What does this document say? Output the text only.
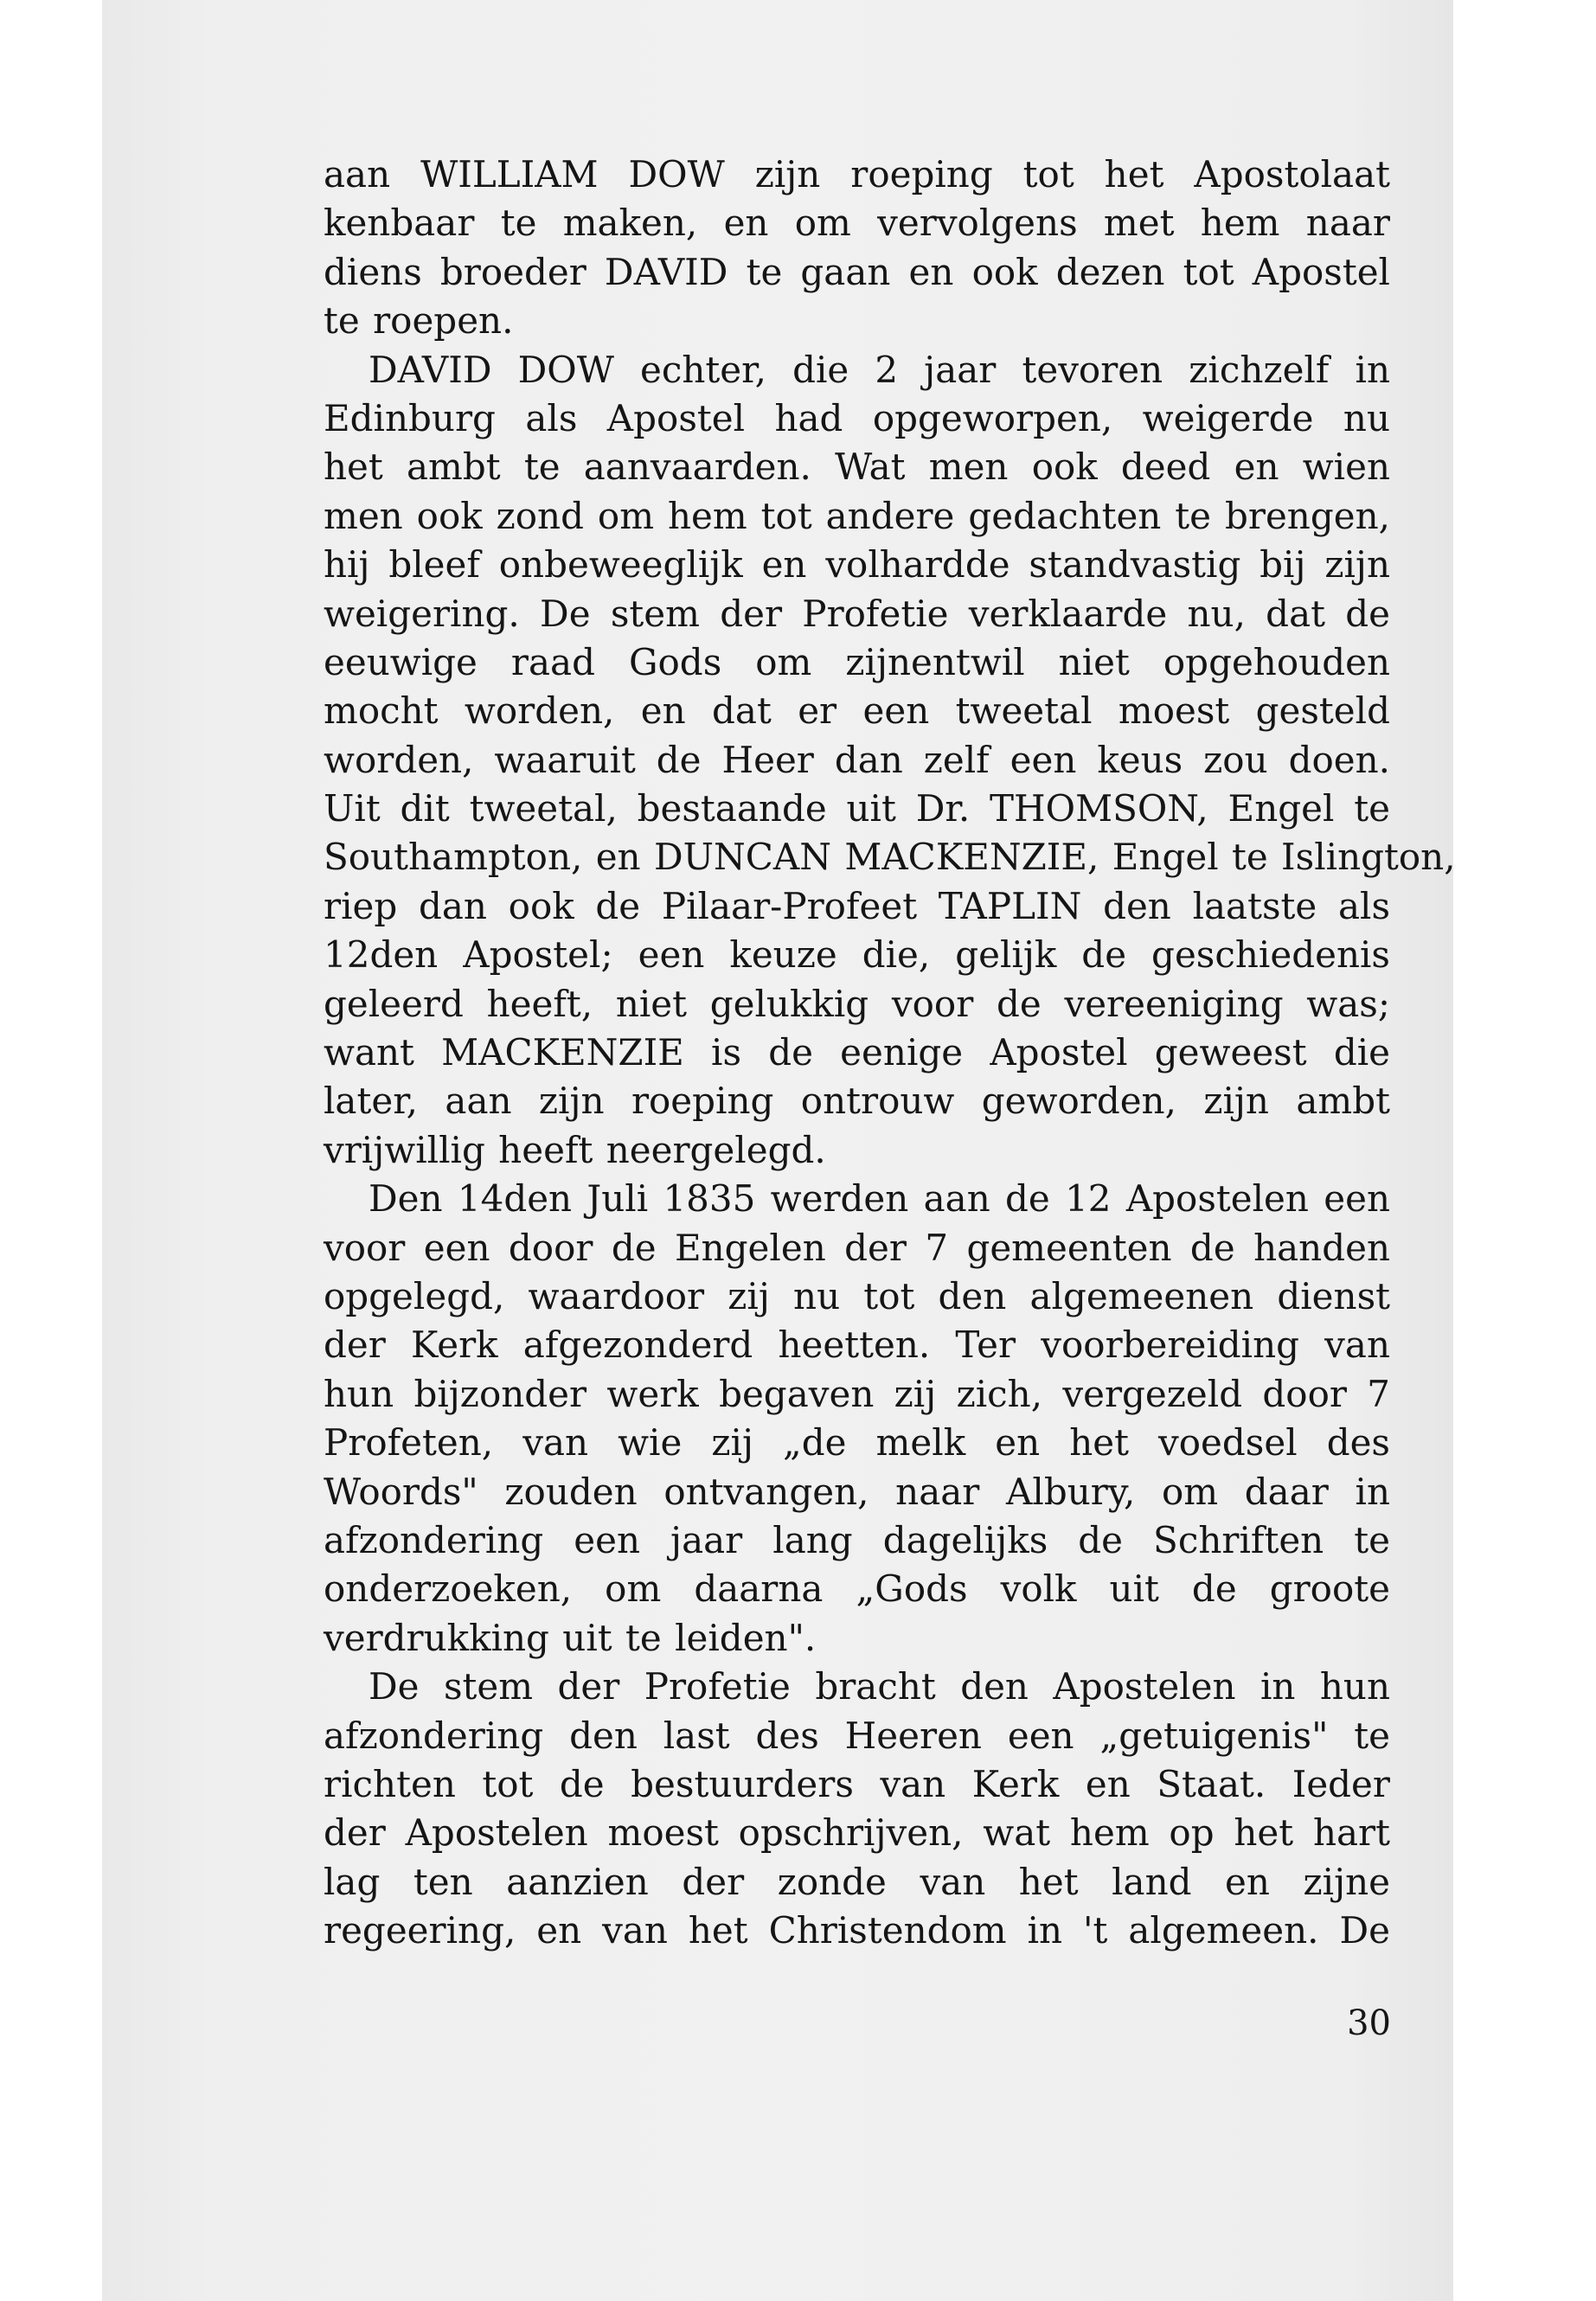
aan WILLIAM DOW zijn roeping tot het Apostolaat
kenbaar te maken, en om vervolgens met hem naar
diens broeder DAVID te gaan en ook dezen tot Apostel
te roepen.
DAVID DOW echter, die 2 jaar tevoren zichzelf in
Edinburg als Apostel had opgeworpen, weigerde nu
het ambt te aanvaarden. Wat men ook deed en wien
men ook zond om hem tot andere gedachten te brengen,
hij bleef onbeweeglijk en volhardde standvastig bij zijn
weigering. De stem der Profetie verklaarde nu, dat de
eeuwige raad Gods om zijnentwil niet opgehouden
mocht worden, en dat er een tweetal moest gesteld
worden, waaruit de Heer dan zelf een keus zou doen.
Uit dit tweetal, bestaande uit Dr. THOMSON, Engel te
Southampton, en DUNCAN MACKENZIE, Engel te Islington,
riep dan ook de Pilaar-Profeet TAPLIN den laatste als
12den Apostel; een keuze die, gelijk de geschiedenis
geleerd heeft, niet gelukkig voor de vereeniging was;
want MACKENZIE is de eenige Apostel geweest die
later, aan zijn roeping ontrouw geworden, zijn ambt
vrijwillig heeft neergelegd.
Den 14den Juli 1835 werden aan de 12 Apostelen een
voor een door de Engelen der 7 gemeenten de handen
opgelegd, waardoor zij nu tot den algemeenen dienst
der Kerk afgezonderd heetten. Ter voorbereiding van
hun bijzonder werk begaven zij zich, vergezeld door 7
Profeten, van wie zij „de melk en het voedsel des
Woords" zouden ontvangen, naar Albury, om daar in
afzondering een jaar lang dagelijks de Schriften te
onderzoeken, om daarna „Gods volk uit de groote
verdrukking uit te leiden".
De stem der Profetie bracht den Apostelen in hun
afzondering den last des Heeren een „getuigenis" te
richten tot de bestuurders van Kerk en Staat. Ieder
der Apostelen moest opschrijven, wat hem op het hart
lag ten aanzien der zonde van het land en zijne
regeering, en van het Christendom in 't algemeen. De
30
